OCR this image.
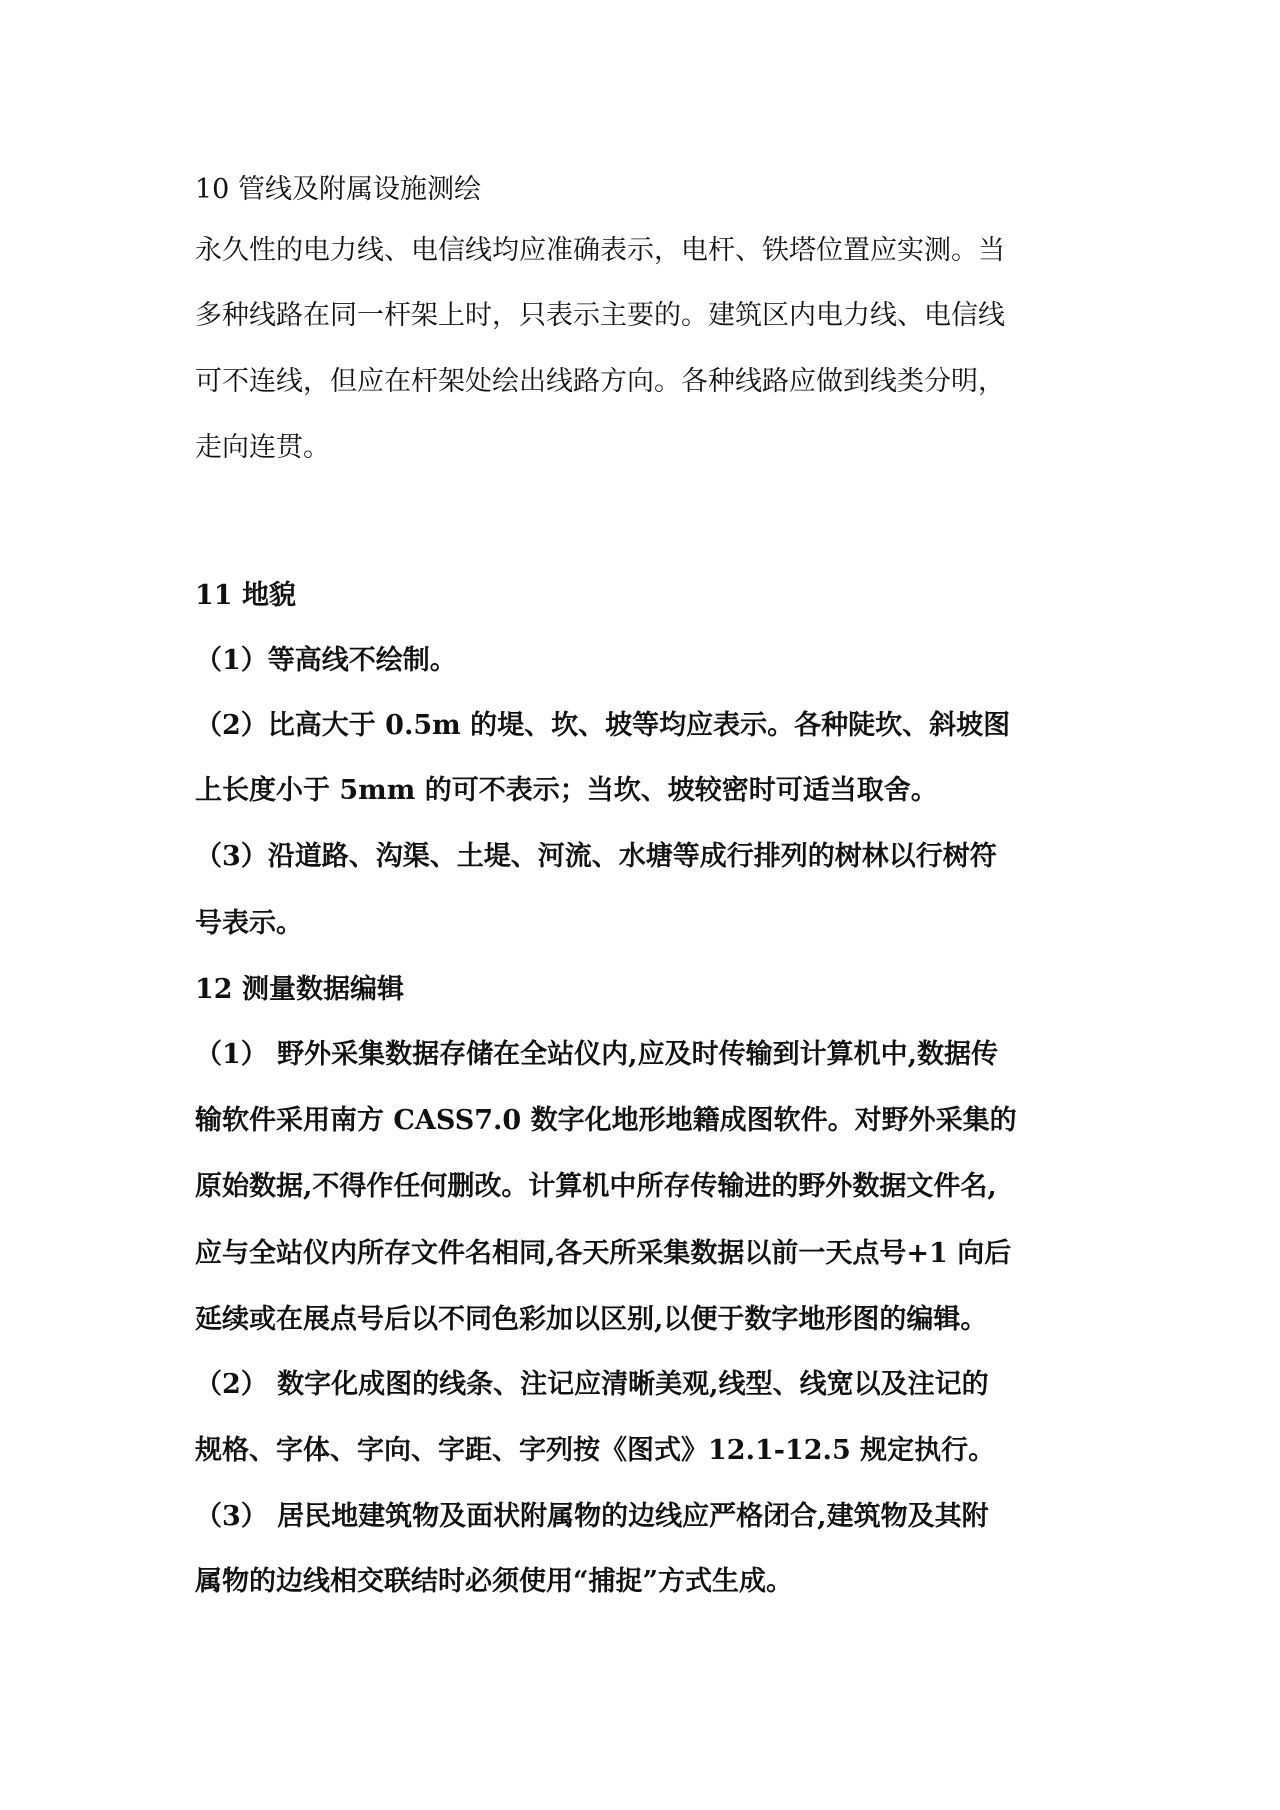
10 管线及附属设施测绘
永久性的电力线、电信线均应准确表示，电杆、铁塔位置应实测。当
多种线路在同一杆架上时，只表示主要的。建筑区内电力线、电信线
可不连线，但应在杆架处绘出线路方向。各种线路应做到线类分明，
走向连贯。
11 地貌
（1）等高线不绘制。
（2）比高大于 0.5m 的堤、坎、坡等均应表示。各种陡坎、斜坡图
上长度小于 5mm 的可不表示；当坎、坡较密时可适当取舍。
（3）沿道路、沟渠、土堤、河流、水塘等成行排列的树林以行树符
号表示。
12 测量数据编辑
（1） 野外采集数据存储在全站仪内,应及时传输到计算机中,数据传
输软件采用南方 CASS7.0 数字化地形地籍成图软件。对野外采集的
原始数据,不得作任何删改。计算机中所存传输进的野外数据文件名,
应与全站仪内所存文件名相同,各天所采集数据以前一天点号+1 向后
延续或在展点号后以不同色彩加以区别,以便于数字地形图的编辑。
（2） 数字化成图的线条、注记应清晰美观,线型、线宽以及注记的
规格、字体、字向、字距、字列按《图式》12.1-12.5 规定执行。
（3） 居民地建筑物及面状附属物的边线应严格闭合,建筑物及其附
属物的边线相交联结时必须使用“捕捉”方式生成。
